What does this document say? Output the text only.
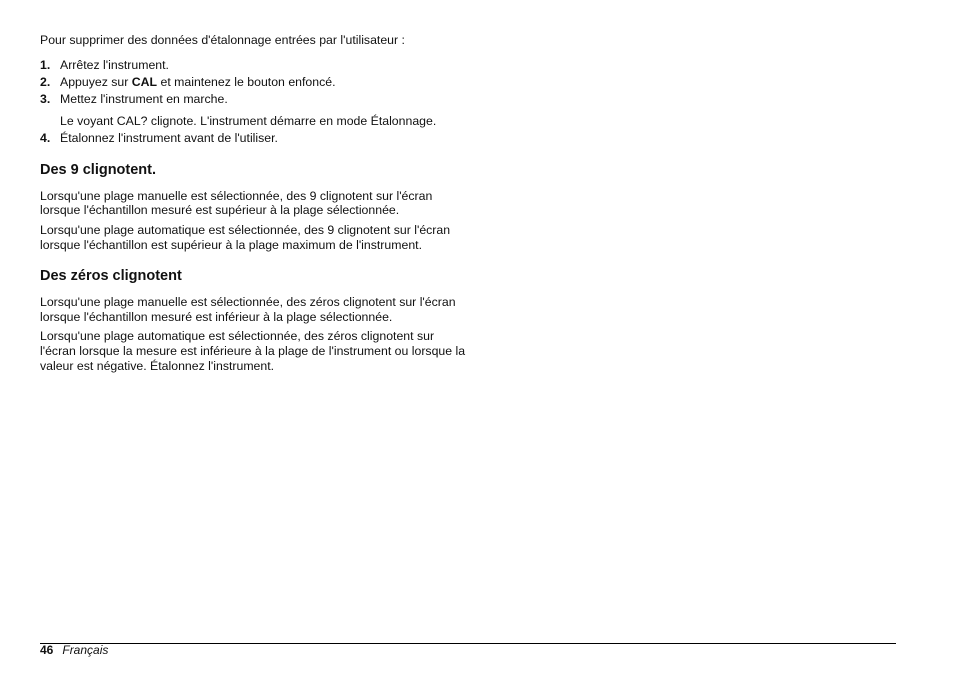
Pour supprimer des données d'étalonnage entrées par l'utilisateur :

1. Arrêtez l'instrument.
2. Appuyez sur CAL et maintenez le bouton enfoncé.
3. Mettez l'instrument en marche.

Le voyant CAL? clignote. L'instrument démarre en mode Étalonnage.

4. Étalonnez l'instrument avant de l'utiliser.
Des 9 clignotent.

Lorsqu'une plage manuelle est sélectionnée, des 9 clignotent sur l'écran lorsque l'échantillon mesuré est supérieur à la plage sélectionnée.

Lorsqu'une plage automatique est sélectionnée, des 9 clignotent sur l'écran lorsque l'échantillon est supérieur à la plage maximum de l'instrument.

Des zéros clignotent

Lorsqu'une plage manuelle est sélectionnée, des zéros clignotent sur l'écran lorsque l'échantillon mesuré est inférieur à la plage sélectionnée.

Lorsqu'une plage automatique est sélectionnée, des zéros clignotent sur l'écran lorsque la mesure est inférieure à la plage de l'instrument ou lorsque la valeur est négative. Étalonnez l'instrument.

46 Français
